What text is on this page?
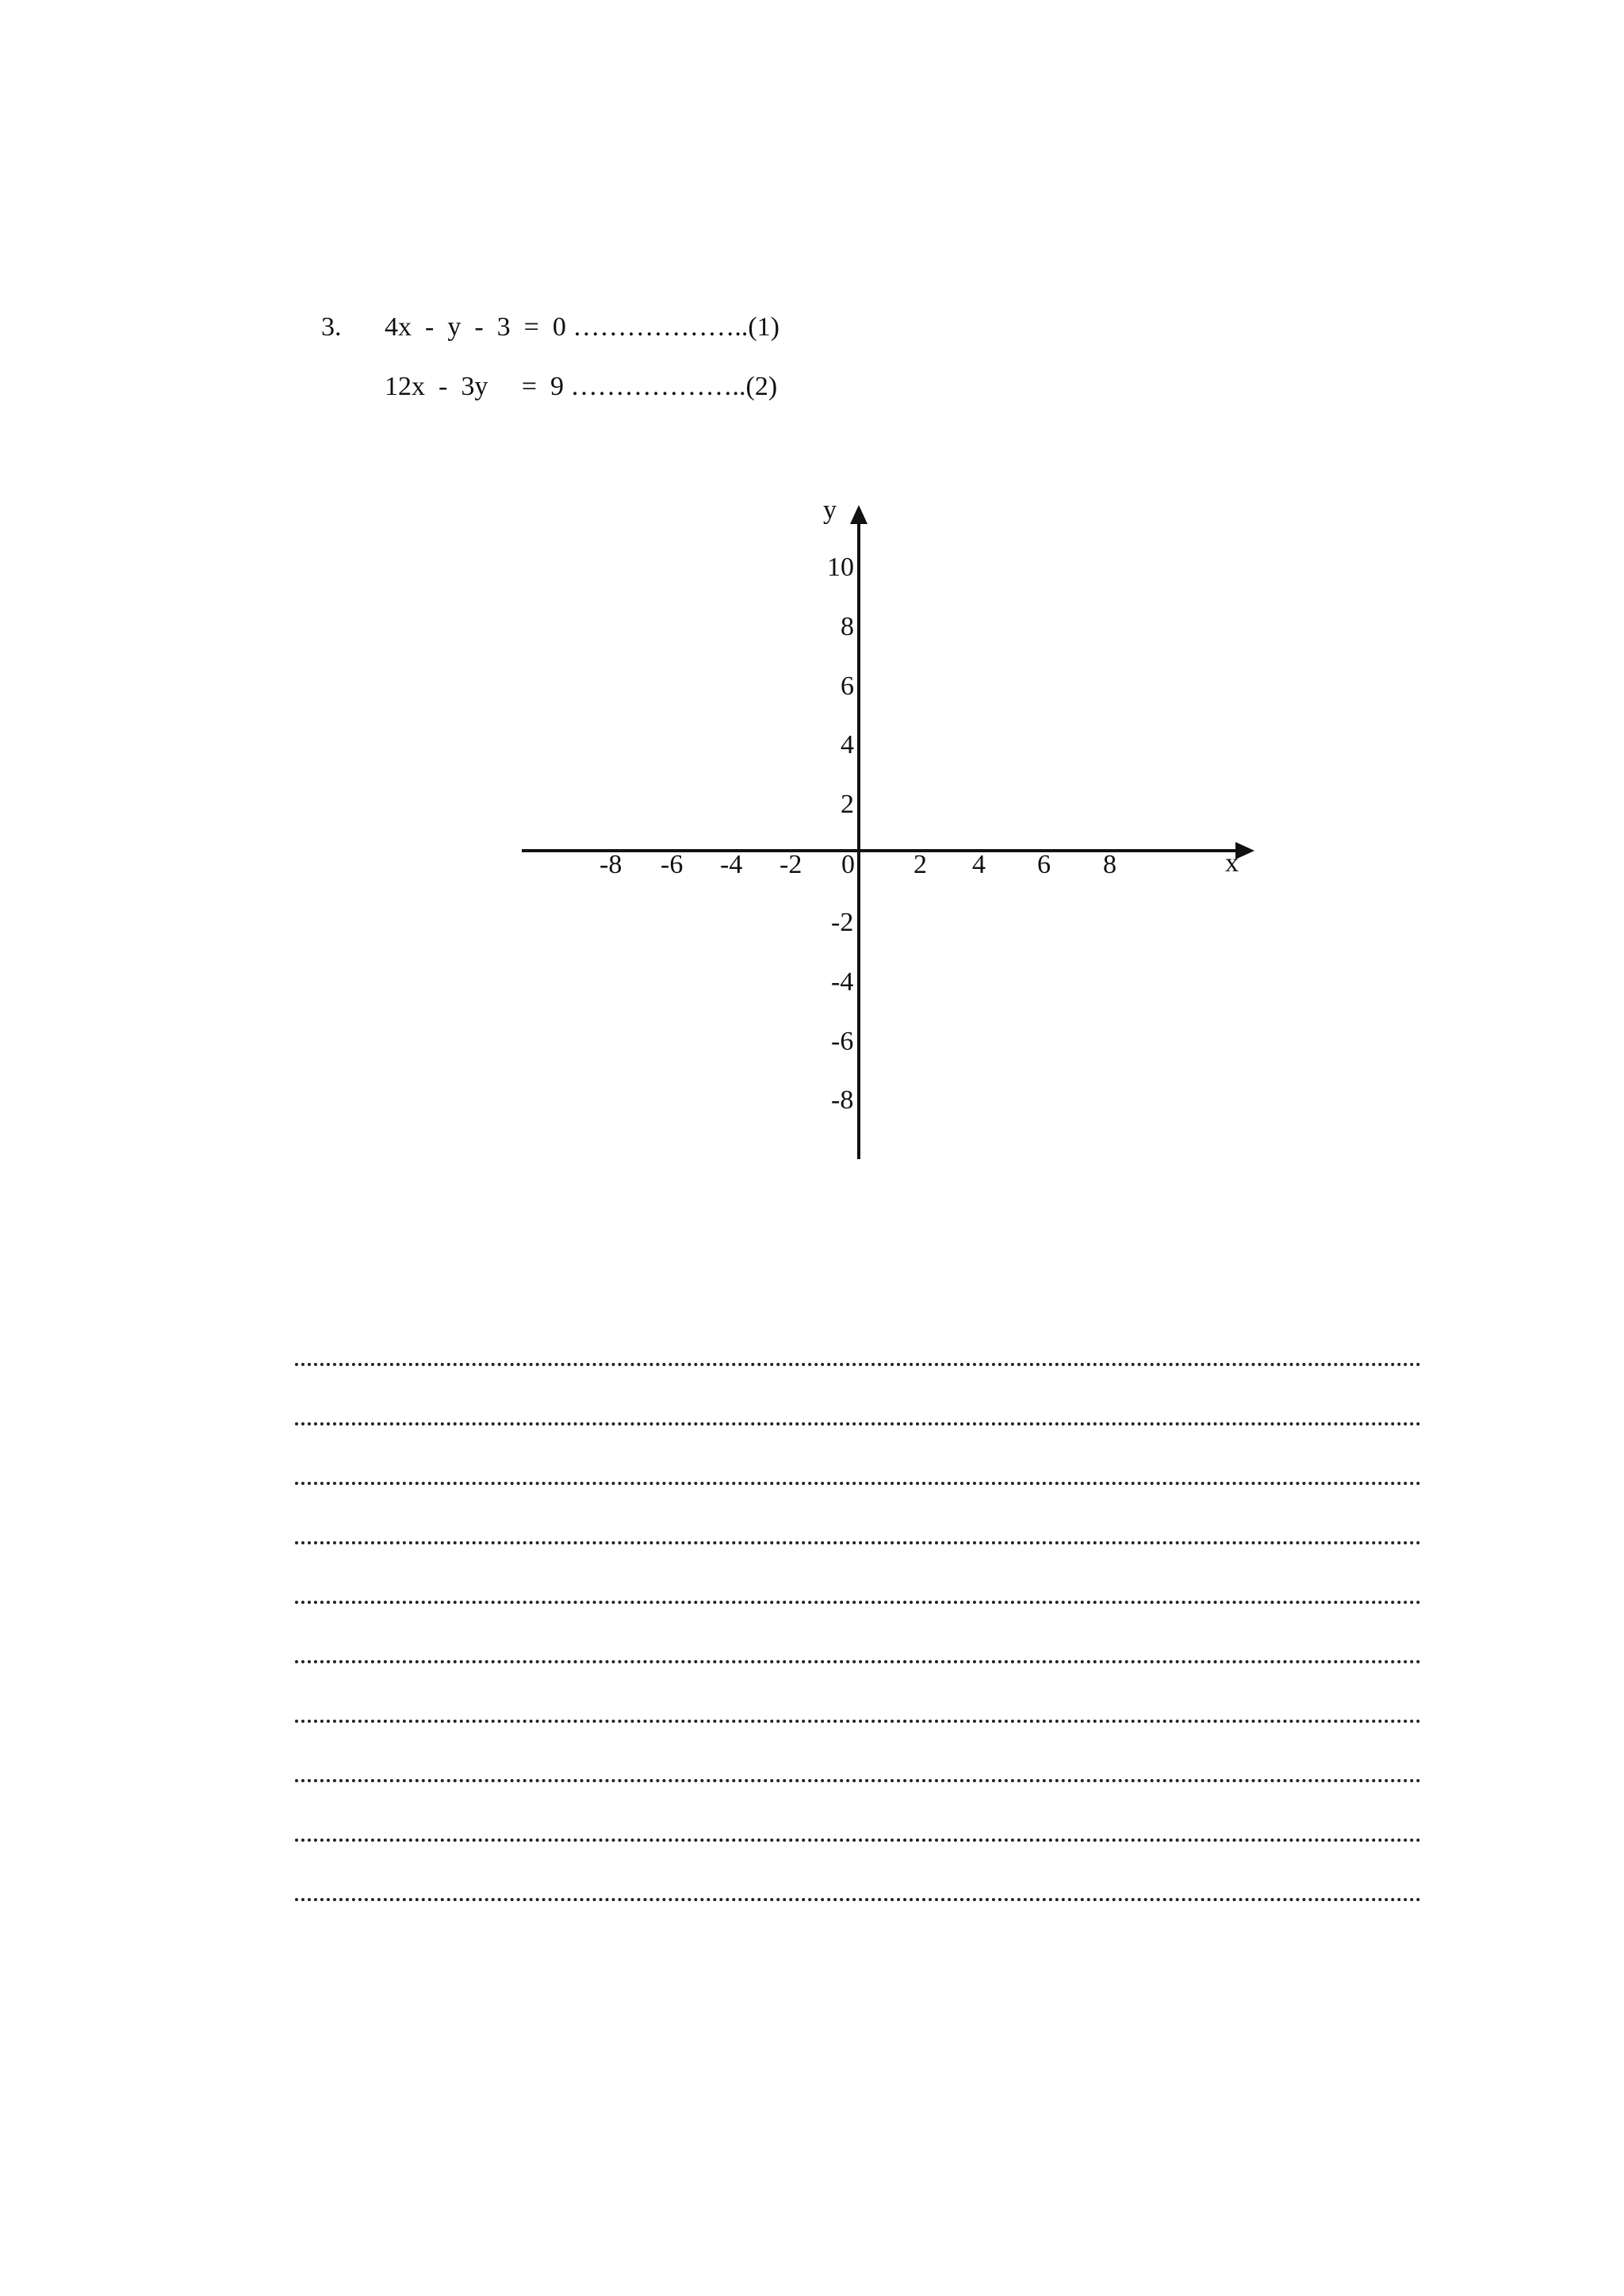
3. 4x  -  y  -  3  =  0 ………………..(1)
12x  -  3y     =  9 ………………..(2)
y
x
-8 -6 -4 -2 0 2 4 6 8
10
8
6
4
2
-2
-4
-6
-8
